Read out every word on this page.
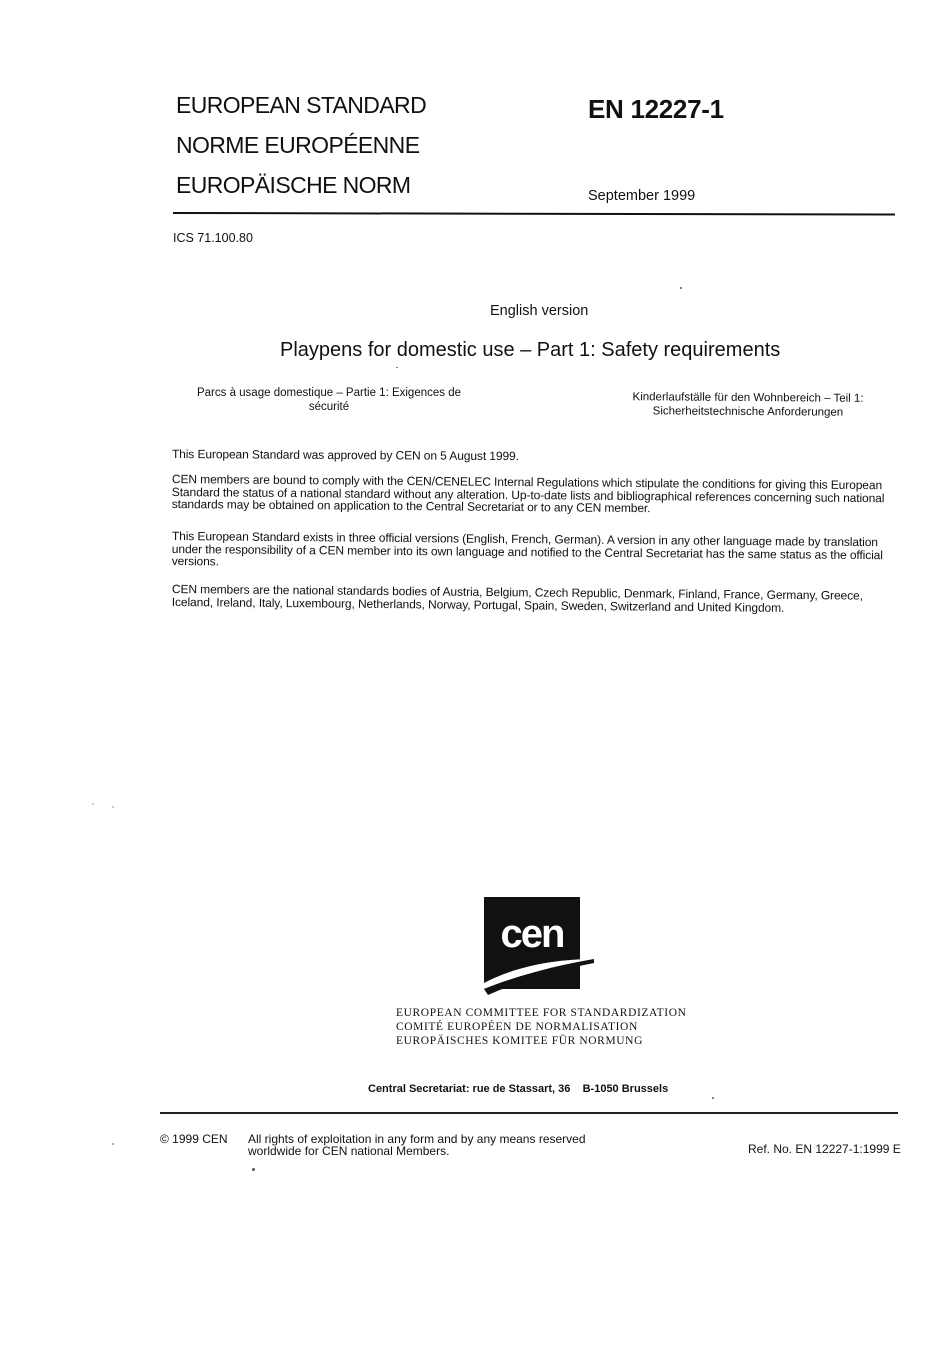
EUROPEAN STANDARD
NORME EUROPÉENNE
EUROPÄISCHE NORM
EN 12227-1
September 1999
ICS 71.100.80
English version
Playpens for domestic use – Part 1: Safety requirements
Parcs à usage domestique – Partie 1: Exigences de sécurité
Kinderlaufställe für den Wohnbereich – Teil 1: Sicherheitstechnische Anforderungen
This European Standard was approved by CEN on 5 August 1999.
CEN members are bound to comply with the CEN/CENELEC Internal Regulations which stipulate the conditions for giving this European Standard the status of a national standard without any alteration. Up-to-date lists and bibliographical references concerning such national standards may be obtained on application to the Central Secretariat or to any CEN member.
This European Standard exists in three official versions (English, French, German). A version in any other language made by translation under the responsibility of a CEN member into its own language and notified to the Central Secretariat has the same status as the official versions.
CEN members are the national standards bodies of Austria, Belgium, Czech Republic, Denmark, Finland, France, Germany, Greece, Iceland, Ireland, Italy, Luxembourg, Netherlands, Norway, Portugal, Spain, Sweden, Switzerland and United Kingdom.
cen
EUROPEAN COMMITTEE FOR STANDARDIZATION
COMITÉ EUROPÉEN DE NORMALISATION
EUROPÄISCHES KOMITEE FÜR NORMUNG
Central Secretariat: rue de Stassart, 36    B-1050 Brussels
© 1999 CEN All rights of exploitation in any form and by any means reserved worldwide for CEN national Members.	Ref. No. EN 12227-1:1999 E
